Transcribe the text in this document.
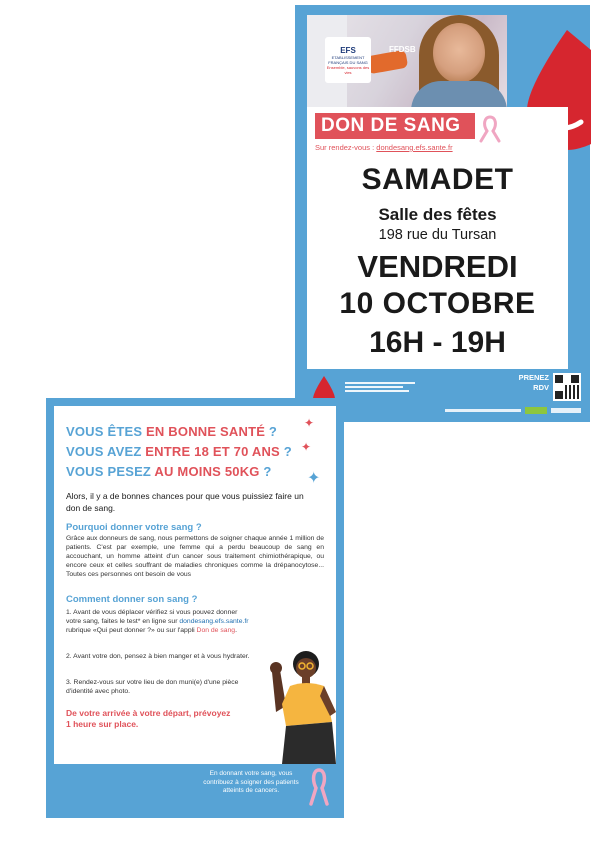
EFS
ETABLISSEMENT FRANÇAIS DU SANG
Ensemble, sauvons des vies
FFDSB
DON DE SANG
Sur rendez-vous : dondesang.efs.sante.fr
SAMADET
Salle des fêtes
198 rue du Tursan
VENDREDI
10 OCTOBRE
16H - 19H
PRENEZ
RDV
VOUS ÊTES EN BONNE SANTÉ ?
VOUS AVEZ ENTRE 18 ET 70 ANS ?
VOUS PESEZ AU MOINS 50KG ?
✦
✦
✦
Alors, il y a de bonnes chances pour que vous puissiez faire un don de sang.
Pourquoi donner votre sang ?
Grâce aux donneurs de sang, nous permettons de soigner chaque année 1 million de patients. C'est par exemple, une femme qui a perdu beaucoup de sang en accouchant, un homme atteint d'un cancer sous traitement chimiothérapique, ou encore ceux et celles souffrant de maladies chroniques comme la drépanocytose... Toutes ces personnes ont besoin de vous
Comment donner son sang ?
1. Avant de vous déplacer vérifiez si vous pouvez donner votre sang, faites le test* en ligne sur dondesang.efs.sante.fr rubrique «Qui peut donner ?» ou sur l'appli Don de sang.
2. Avant votre don, pensez à bien manger et à vous hydrater.
3. Rendez-vous sur votre lieu de don muni(e) d'une pièce d'identité avec photo.
De votre arrivée à votre départ, prévoyez 1 heure sur place.
En donnant votre sang, vous contribuez à soigner des patients atteints de cancers.
